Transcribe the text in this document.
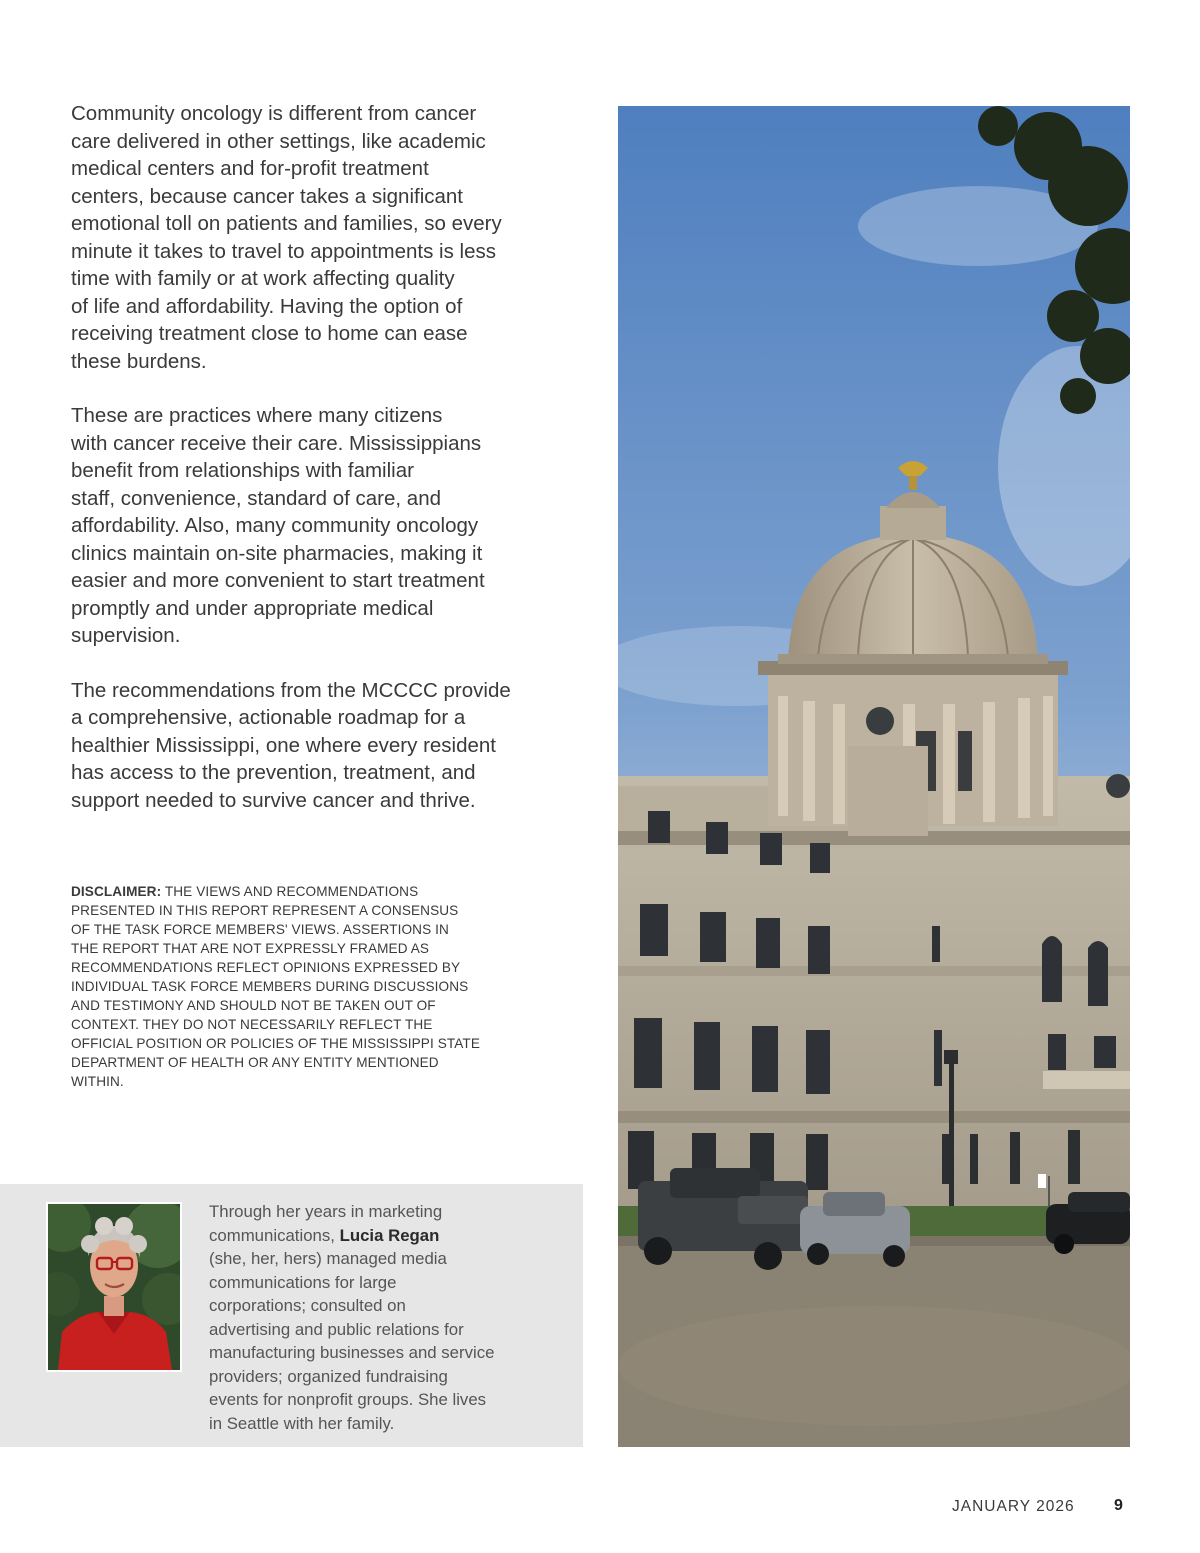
Community oncology is different from cancer
care delivered in other settings, like academic
medical centers and for-profit treatment
centers, because cancer takes a significant
emotional toll on patients and families, so every
minute it takes to travel to appointments is less
time with family or at work affecting quality
of life and affordability. Having the option of
receiving treatment close to home can ease
these burdens.

These are practices where many citizens
with cancer receive their care. Mississippians
benefit from relationships with familiar
staff, convenience, standard of care, and
affordability. Also, many community oncology
clinics maintain on-site pharmacies, making it
easier and more convenient to start treatment
promptly and under appropriate medical
supervision.

The recommendations from the MCCCC provide
a comprehensive, actionable roadmap for a
healthier Mississippi, one where every resident
has access to the prevention, treatment, and
support needed to survive cancer and thrive.

DISCLAIMER: THE VIEWS AND RECOMMENDATIONS
PRESENTED IN THIS REPORT REPRESENT A CONSENSUS
OF THE TASK FORCE MEMBERS' VIEWS. ASSERTIONS IN
THE REPORT THAT ARE NOT EXPRESSLY FRAMED AS
RECOMMENDATIONS REFLECT OPINIONS EXPRESSED BY
INDIVIDUAL TASK FORCE MEMBERS DURING DISCUSSIONS
AND TESTIMONY AND SHOULD NOT BE TAKEN OUT OF
CONTEXT. THEY DO NOT NECESSARILY REFLECT THE
OFFICIAL POSITION OR POLICIES OF THE MISSISSIPPI STATE
DEPARTMENT OF HEALTH OR ANY ENTITY MENTIONED
WITHIN.
Through her years in marketing
communications, Lucia Regan
(she, her, hers) managed media
communications for large
corporations; consulted on
advertising and public relations for
manufacturing businesses and service
providers; organized fundraising
events for nonprofit groups. She lives
in Seattle with her family.
JANUARY 2026 9
